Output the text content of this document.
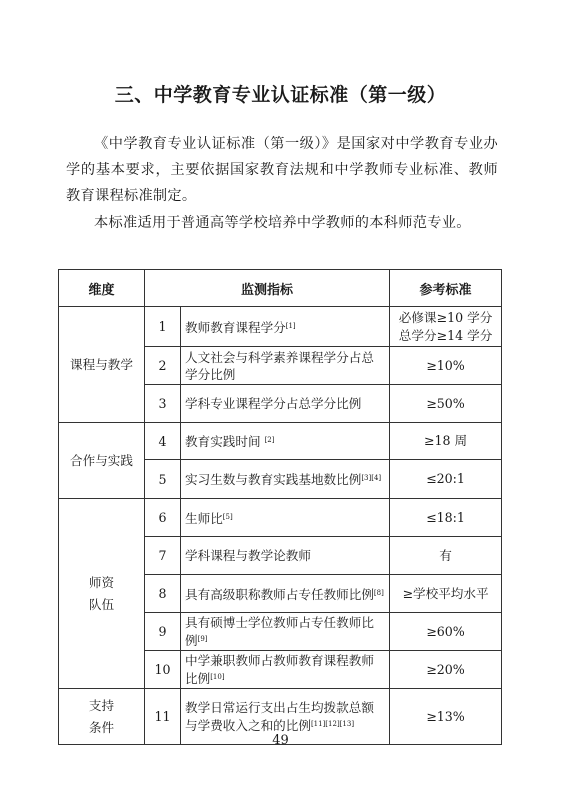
三、中学教育专业认证标准（第一级）
《中学教育专业认证标准（第一级）》是国家对中学教育专业办学的基本要求，主要依据国家教育法规和中学教师专业标准、教师教育课程标准制定。
本标准适用于普通高等学校培养中学教师的本科师范专业。
维度	监测指标		参考标准
课程与教学	1	教师教育课程学分[1]	必修课≥10 学分
总学分≥14 学分

	2	人文社会与科学素养课程学分占总学分比例	≥10%
	3	学科专业课程学分占总学分比例	≥50%
合作与实践	4	教育实践时间 [2]	≥18 周
	5	实习生数与教育实践基地数比例[3][4]	≤20:1

师资
队伍	6	生师比[5]	≤18:1
	7	学科课程与教学论教师	有
	8	具有高级职称教师占专任教师比例[8]	≥学校平均水平
	9	具有硕博士学位教师占专任教师比例[9]	≥60%
	10	中学兼职教师占教师教育课程教师比例[10]	≥20%

支持
条件	11	教学日常运行支出占生均拨款总额与学费收入之和的比例[11][12][13]	≥13%
49
